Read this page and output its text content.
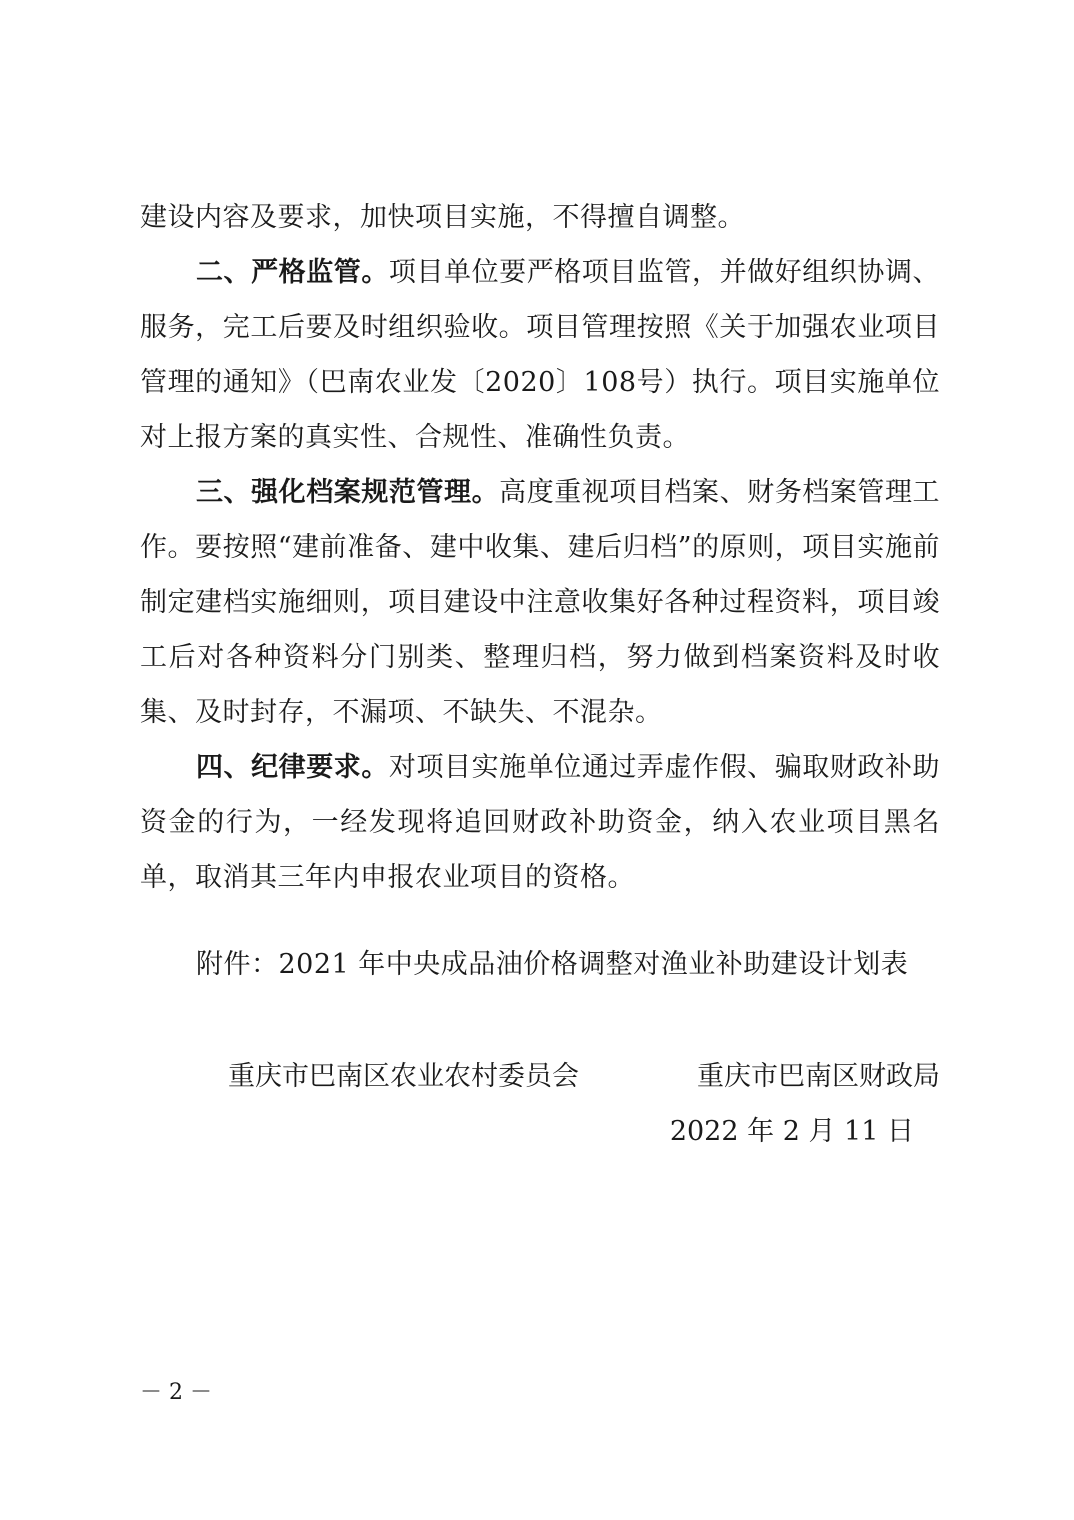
建设内容及要求，加快项目实施，不得擅自调整。

二、严格监管。项目单位要严格项目监管，并做好组织协调、服务，完工后要及时组织验收。项目管理按照《关于加强农业项目管理的通知》（巴南农业发〔2020〕108号）执行。项目实施单位对上报方案的真实性、合规性、准确性负责。

三、强化档案规范管理。高度重视项目档案、财务档案管理工作。要按照“建前准备、建中收集、建后归档”的原则，项目实施前制定建档实施细则，项目建设中注意收集好各种过程资料，项目竣工后对各种资料分门别类、整理归档，努力做到档案资料及时收集、及时封存，不漏项、不缺失、不混杂。

四、纪律要求。对项目实施单位通过弄虚作假、骗取财政补助资金的行为，一经发现将追回财政补助资金，纳入农业项目黑名单，取消其三年内申报农业项目的资格。

附件：2021 年中央成品油价格调整对渔业补助建设计划表

重庆市巴南区农业农村委员会	重庆市巴南区财政局
2022 年 2 月 11 日
－ 2 －
